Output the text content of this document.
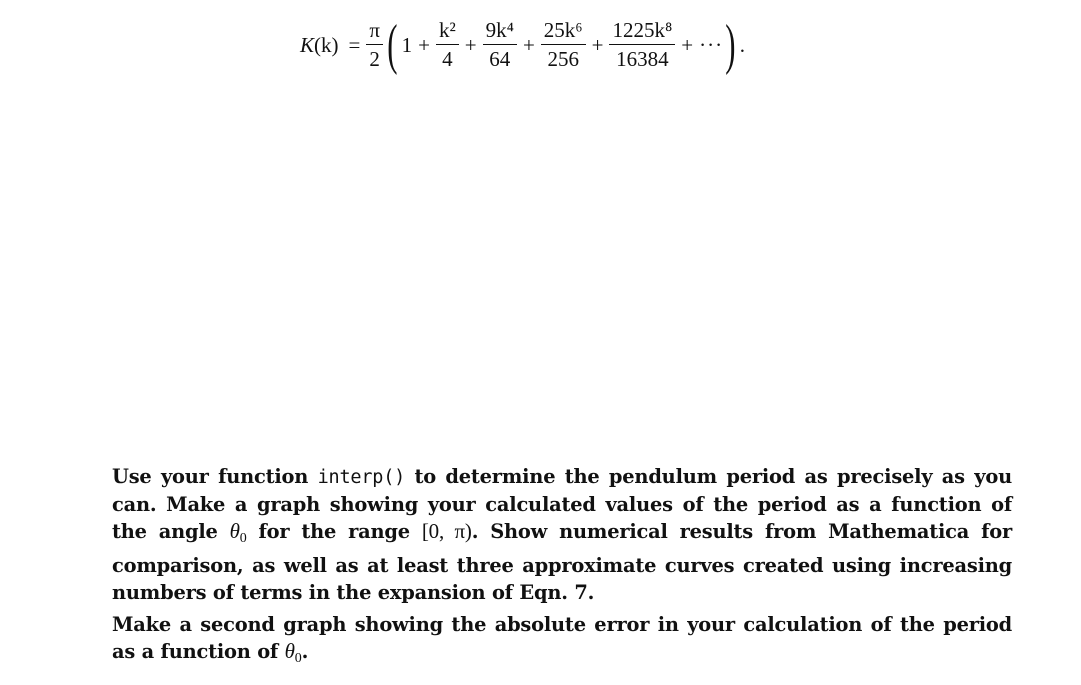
$K(k) = \frac{\pi}{2}$ ( $1 + \frac{\text{k²}}{4} + \frac{\text{9k⁴}}{64} + \frac{\text{25k⁶}}{256} + \frac{\text{1225k⁸}}{16384}$ + ··· ) .
Use your function interp() to determine the pendulum period as precisely as you
can. Make a graph showing your calculated values of the period as a function of
the angle $\theta_0$ for the range [0, π). Show numerical results from Mathematica for
comparison, as well as at least three approximate curves created using increasing
numbers of terms in the expansion of Eqn. 7.
Make a second graph showing the absolute error in your calculation of the period
as a function of $\theta_0$.
